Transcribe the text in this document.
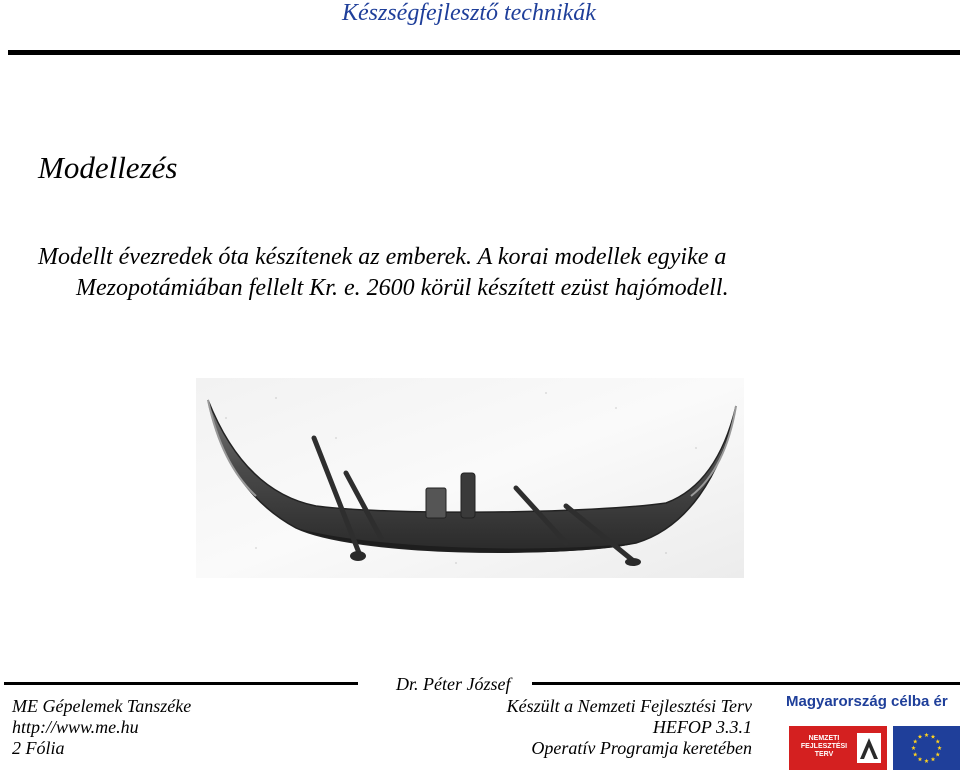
Készségfejlesztő technikák
Modellezés
Modellt évezredek óta készítenek az emberek. A korai modellek egyike a
Mezopotámiában fellelt Kr. e. 2600 körül készített ezüst hajómodell.
Dr. Péter József
ME Gépelemek Tanszéke
http://www.me.hu
2 Fólia
Készült a Nemzeti Fejlesztési Terv
HEFOP 3.3.1
Operatív Programja keretében
Magyarország célba ér
NEMZETI
FEJLESZTÉSI
TERV
